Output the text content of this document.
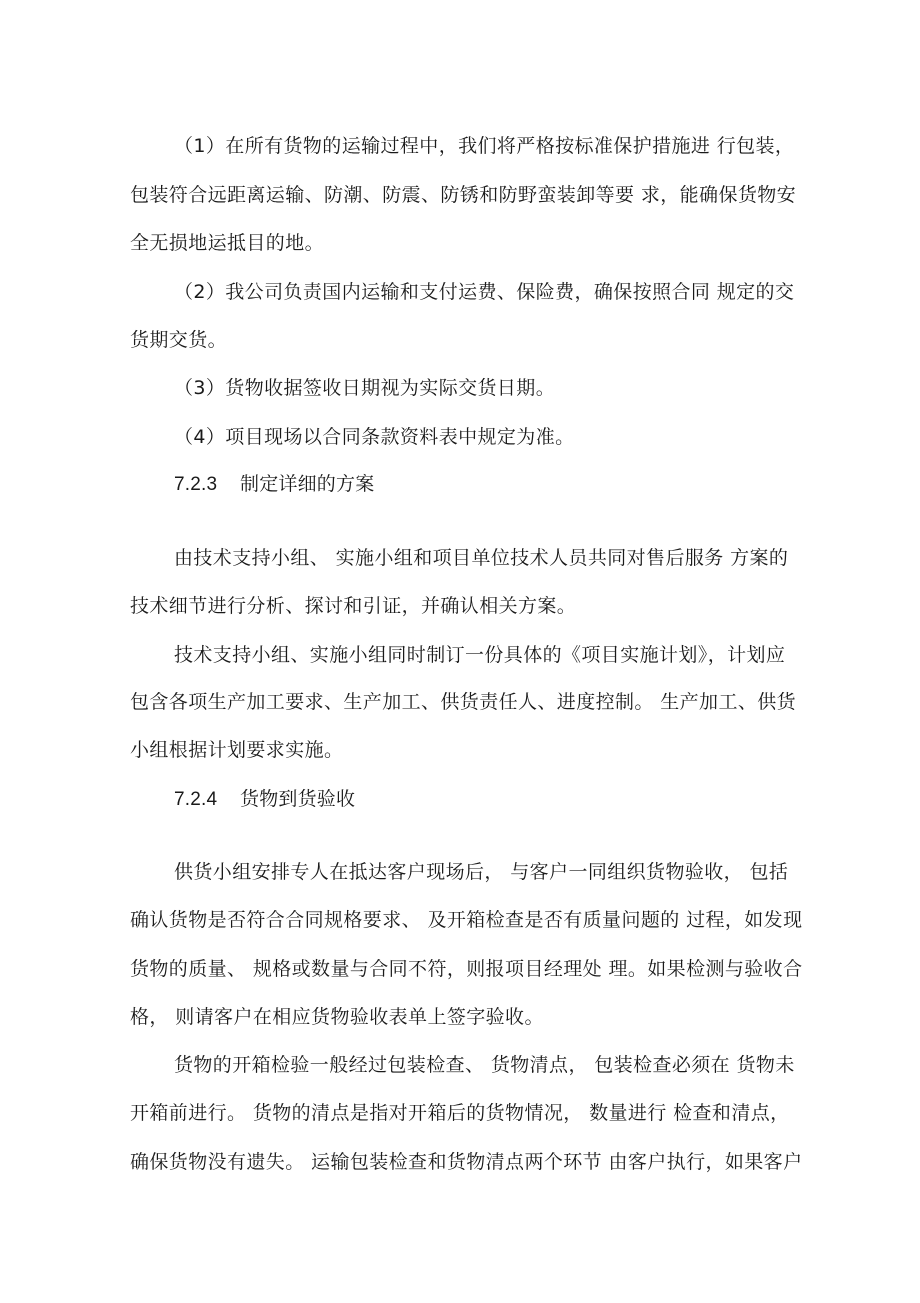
（1）在所有货物的运输过程中，我们将严格按标准保护措施进 行包装，
包装符合远距离运输、防潮、防震、防锈和防野蛮装卸等要 求，能确保货物安
全无损地运抵目的地。
（2）我公司负责国内运输和支付运费、保险费，确保按照合同 规定的交
货期交货。
（3）货物收据签收日期视为实际交货日期。
（4）项目现场以合同条款资料表中规定为准。
7.2.3 制定详细的方案
由技术支持小组、 实施小组和项目单位技术人员共同对售后服务 方案的
技术细节进行分析、探讨和引证，并确认相关方案。
技术支持小组、实施小组同时制订一份具体的《项目实施计划》，计划应
包含各项生产加工要求、生产加工、供货责任人、进度控制。 生产加工、供货
小组根据计划要求实施。
7.2.4 货物到货验收
供货小组安排专人在抵达客户现场后， 与客户一同组织货物验收， 包括
确认货物是否符合合同规格要求、 及开箱检查是否有质量问题的 过程，如发现
货物的质量、 规格或数量与合同不符，则报项目经理处 理。如果检测与验收合
格， 则请客户在相应货物验收表单上签字验收。
货物的开箱检验一般经过包装检查、 货物清点， 包装检查必须在 货物未
开箱前进行。 货物的清点是指对开箱后的货物情况， 数量进行 检查和清点，
确保货物没有遗失。 运输包装检查和货物清点两个环节 由客户执行，如果客户
